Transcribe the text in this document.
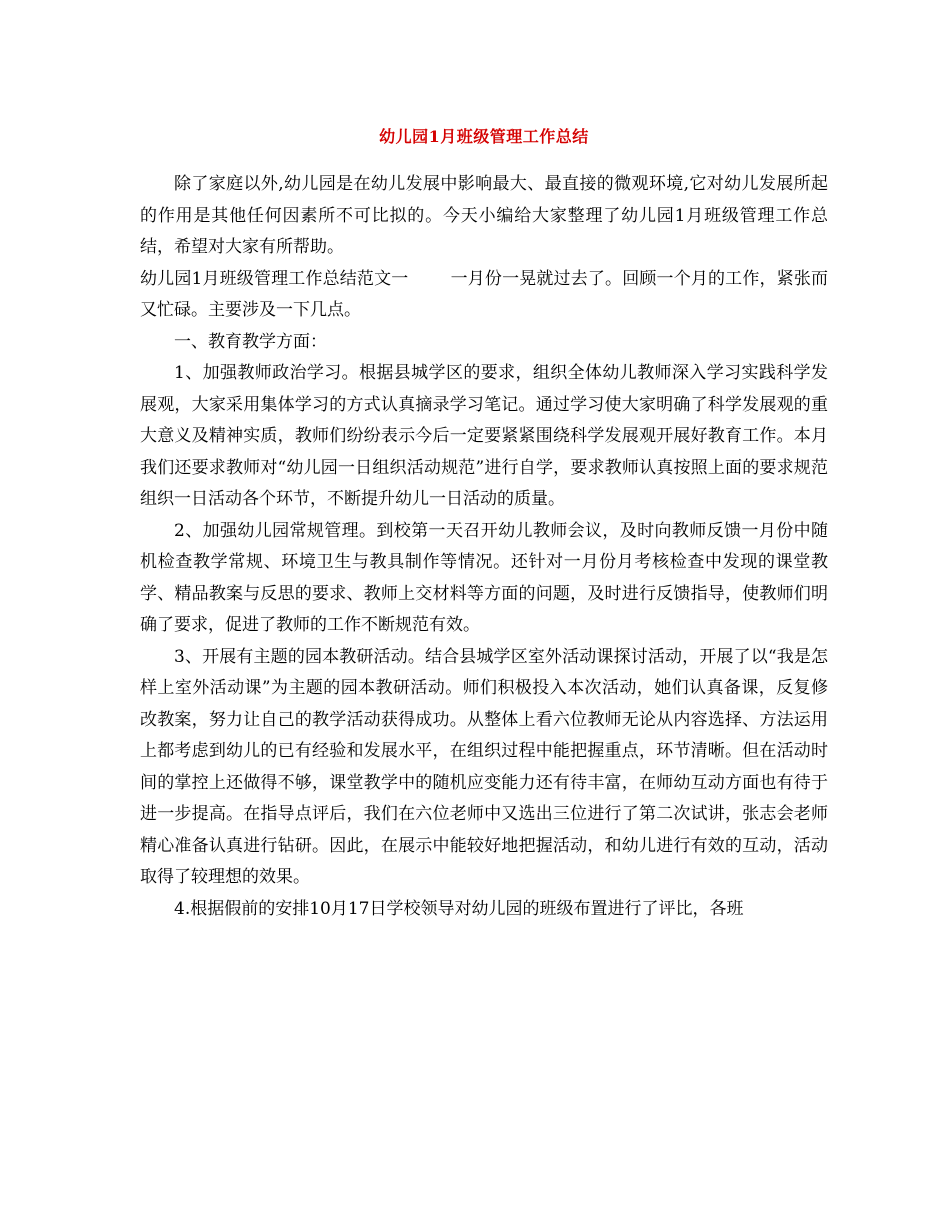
幼儿园1月班级管理工作总结

除了家庭以外,幼儿园是在幼儿发展中影响最大、最直接的微观环境,它对幼儿发展所起的作用是其他任何因素所不可比拟的。今天小编给大家整理了幼儿园1月班级管理工作总结，希望对大家有所帮助。

幼儿园1月班级管理工作总结范文一 一月份一晃就过去了。回顾一个月的工作，紧张而又忙碌。主要涉及一下几点。

一、教育教学方面：

1、加强教师政治学习。根据县城学区的要求，组织全体幼儿教师深入学习实践科学发展观，大家采用集体学习的方式认真摘录学习笔记。通过学习使大家明确了科学发展观的重大意义及精神实质，教师们纷纷表示今后一定要紧紧围绕科学发展观开展好教育工作。本月我们还要求教师对“幼儿园一日组织活动规范”进行自学，要求教师认真按照上面的要求规范组织一日活动各个环节，不断提升幼儿一日活动的质量。

2、加强幼儿园常规管理。到校第一天召开幼儿教师会议，及时向教师反馈一月份中随机检查教学常规、环境卫生与教具制作等情况。还针对一月份月考核检查中发现的课堂教学、精品教案与反思的要求、教师上交材料等方面的问题，及时进行反馈指导，使教师们明确了要求，促进了教师的工作不断规范有效。

3、开展有主题的园本教研活动。结合县城学区室外活动课探讨活动，开展了以“我是怎样上室外活动课”为主题的园本教研活动。师们积极投入本次活动，她们认真备课，反复修改教案，努力让自己的教学活动获得成功。从整体上看六位教师无论从内容选择、方法运用上都考虑到幼儿的已有经验和发展水平，在组织过程中能把握重点，环节清晰。但在活动时间的掌控上还做得不够，课堂教学中的随机应变能力还有待丰富，在师幼互动方面也有待于进一步提高。在指导点评后，我们在六位老师中又选出三位进行了第二次试讲，张志会老师精心准备认真进行钻研。因此，在展示中能较好地把握活动，和幼儿进行有效的互动，活动取得了较理想的效果。

4.根据假前的安排10月17日学校领导对幼儿园的班级布置进行了评比，各班
